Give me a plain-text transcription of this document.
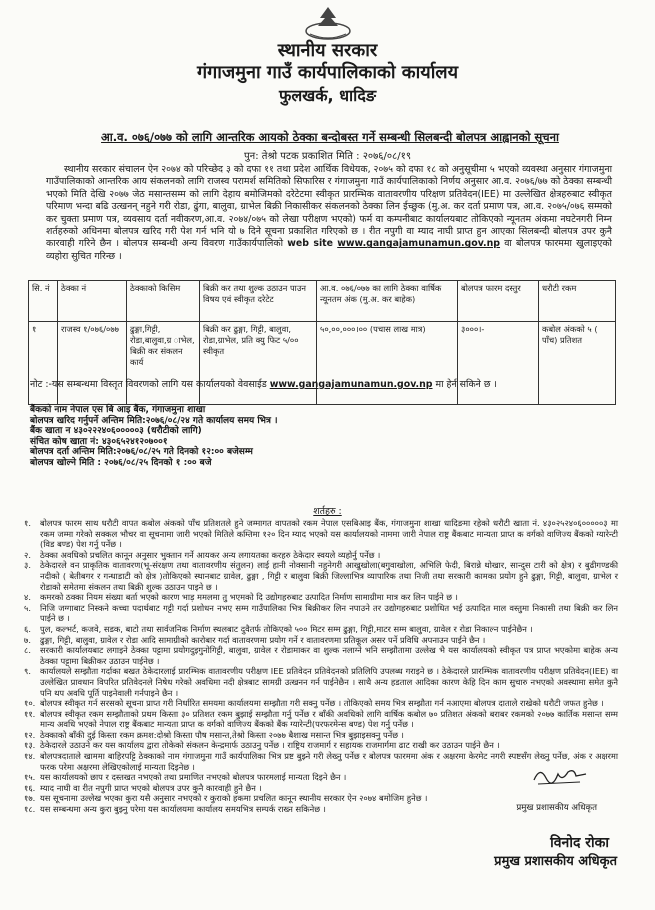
स्थानीय सरकार
गंगाजमुना गाउँ कार्यपालिकाको कार्यालय
फुलखर्क, धादिङ
आ.व. ०७६/०७७ को लागि आन्तरिक आयको ठेक्का बन्दोबस्त गर्ने सम्बन्धी सिलबन्दी बोलपत्र आह्वानको सूचना
पुन: तेश्रो पटक प्रकाशित मिति : २०७६/०८/१९
स्थानीय सरकार संचालन ऐन २०७४ को परिच्छेद ३ को दफा ११ तथा प्रदेश आर्थिक विधेयक, २०७५ को दफा १८ को अनुसूचीमा ५ भएको व्यवस्था अनुसार गंगाजमुना गाउँपालिकाको आन्तरिक आय संकलनको लागि राजस्व परामर्श समितिको सिफारिस र गंगाजमुना गाउँ कार्यपालिकाको निर्णय अनुसार आ.व. २०७६/७७ को ठेक्का सम्बन्धी भएको मिति देखि २०७७ जेठ मसान्तसम्म को लागि देहाय बमोजिमको दरेटेटमा स्वीकृत प्रारम्भिक वातावरणीय परिक्षण प्रतिवेदन(IEE) मा उल्लेखित क्षेत्रहरुबाट स्वीकृत परिमाण भन्दा बढि उत्खनन् नहुने गरी रोडा, ढुंगा, बालुवा, ग्राभेल बिक्री निकासीकर संकलनको ठेक्का लिन ईच्छुक (मु.अ. कर दर्ता प्रमाण पत्र, आ.व. २०७५/०७६ सम्मको कर चुक्ता प्रमाण पत्र, व्यवसाय दर्ता नवीकरण,आ.व. २०७४/०७५ को लेखा परीक्षण भएको) फर्म वा कम्पनीबाट कार्यालयबाट तोकिएको न्यूनतम अंकमा नघटेनगरी निम्न शर्तहरुको अधिनमा बोलपत्र खरिद गरी पेश गर्न भनि यो ७ दिने सूचना प्रकाशित गरिएको छ । रीत नपुगी वा म्याद नाघी प्राप्त हुन आएका सिलबन्दी बोलपत्र उपर कुनै कारवाही गरिने छैन । बोलपत्र सम्बन्धी अन्य विवरण गाउँकार्यपालिको web site www.gangajamunamun.gov.np वा बोलपत्र फारममा खुलाइएको व्यहोरा सुचित गरिन्छ ।
सि. नं	ठेक्का नं	ठेक्काको किसिम	बिक्री कर तथा शुल्क उठाउन पाउन विषय एवं स्वीकृत दरेटेट	आ.व. ०७६/०७७ का लागि ठेक्का वार्षिक न्यूनतम अंक (मु.अ. कर बाहेक)	बोलपत्र फारम दस्तुर	धरौटी रकम
१	राजस्व १/०७६/०७७	ढुङ्गा,गिट्टी, रोडा,बालुवा,ग्र ाभेल, बिक्री कर संकलन कार्य	बिक्री कर ढुङ्गा, गिट्टी, बालुवा, रोडा,ग्राभेल, प्रति क्यु फिट ५/०० स्वीकृत	५०,००,०००।०० (पचास लाख मात्र)	३०००।-	कबोल अंकको ५ ( पाँच) प्रतिशत
नोट :-यस सम्बन्धमा विस्तृत विवरणको लागि यस कार्यालयको वेवसाईड www.gangajamunamun.gov.np मा हेर्न सकिने छ ।
बैंकको नाम नेपाल एस बि आइ बैंक, गंगाजमुना शाखा
बोलपत्र खरिद गर्नुपर्ने अन्तिम मिति:२०७६/०८/२४ गते कार्यालय समय भित्र ।
बैंक खाता न ४३०२२२४०६०००००३ (धरौटीको लागि)
संचित कोष खाता नं: ४३०६५२४१२०७००१
बोलपत्र दर्ता अन्तिम मिति:२०७६/०८/२५ गते दिनको १२:०० बजेसम्म
बोलपत्र खोल्ने मिति : २०७६/०८/२५ दिनको १ :०० बजे
शर्तहरु :
१.	बोलपत्र फारम साथ धरौटी वापत कबोल अंकको पाँच प्रतिशतले हुने जम्मागत वापतको रकम नेपाल एसबिआइ बैंक, गंगाजमुना शाखा धादिङमा रहेको धरौटी खाता नं. ४३०२५२४०६०००००३ मा रकम जम्मा गरेको सक्कल भौचर वा सूचनामा जारी भएको मितिले कम्तिमा १२० दिन म्याद भएको यस कार्यालयको नाममा जारी नेपाल राष्ट्र बैंकबाट मान्यता प्राप्त क वर्गको वाणिज्य बैंकको ग्यारेन्टी (विड बण्ड) पेश गर्नु पर्नेछ ।
२.	ठेक्का अवधिको प्रचलित कानून अनुसार भुक्तान गर्ने आयकर अन्य लगायतका करहरु ठेकेदार स्वयले व्यहोर्नु पर्नेछ ।
३.	ठेकेदारले वन प्राकृतिक वातावरण(भू-संरक्षण तथा वातावरणीय संतुलन) लाई हानी नोक्सानी नहुनेगरी आखुखोला(बगुवाखोला, अभिलि फेदी, बिरान्ने थोखार, सान्दुस टारी को क्षेत्र) र बुढीगण्डकी नदीको ( बेतीबगर र गन्धाडाटी को क्षेत्र )तोकिएको स्थानबाट ग्रावेल, ढुङ्गा , गिट्टी र बालुवा बिक्री जिल्लाभित्र व्यापारिक तथा निजी तथा सरकारी कामका प्रयोग हुने ढुङ्गा, गिट्टी, बालुवा, ग्राभेल र रोडाको समेतमा संकलन तथा बिक्री शुल्क उठाउन पाइने छ ।
४.	कमरको ठक्का नियम संख्या बर्ता भएको कारण भाड़ ममलमा तु भएमको दि उद्योगहरुबाट उत्पादित निर्माण सामाग्रीमा मात्र कर लिन पाईने छ ।
५.	निजि जग्गाबाट निस्कने कच्चा पदार्थबाट गट्टी गर्दा प्रशोधन नभए सम्म गाउँपालिका भित्र बिक्रीकर लिन नपाउने तर उद्योगहरुबाट प्रशोधित भई उत्पादित माल वस्तुमा निकासी तथा बिक्री कर लिन पाईने छ ।
६.	पुल, कल्भर्ट, कजवे, सडक, बाटो तथा सार्वजनिक निर्माण स्थलबाट दुवैतर्फ तोकिएको ५०० मिटर सम्म ढुङ्गा, गिट्टी,माटर सम्म बालुवा, ग्रावेल र रोडा निकाल्न पाईनेछैन ।
७.	ढुङ्गा, गिट्टी, बालुवा, ग्रावेल र रोडा आदि सामाग्रीको कारोबार गर्दा वातावरणमा प्रयोग गर्ने र वातावरणमा प्रतिकूल असर पर्ने प्रविधि अपनाउन पाईने छैन ।
८.	सरकारी कार्यालयबाट लगाइने ठेक्का पट्टामा प्रयोगदुइगुनोगिट्टी, बालुवा, ग्रावेल र रोडामाकर वा शुल्क नलाग्ने भनि सम्झौतामा उल्लेख भै यस कार्यालयको स्वीकृत पत्र प्राप्त भएकोमा बाहेक अन्य ठेक्का पट्टामा बिक्रीकर उठाउन पाईनेछ ।
९.	कार्यालयले सम्झौता गर्दाका बखत ठेकेदारलाई प्रारम्भिक वातावरणीय परीक्षण IEE प्रतिवेदन प्रतिवेदनको प्रतिलिपि उपलब्ध गराइने छ । ठेकेदारले प्रारम्भिक वातावरणीय परीक्षण प्रतिवेदन(IEE) वा उल्लेखित प्रावधान विपरित प्रतिवेदनले निषेध गरेको अवधिमा नदी क्षेत्रबाट सामग्री उत्खनन गर्न पाईनेछैन । साथै अन्य हडताल आदिका कारण केहि दिन काम सुचारु नभएको अवस्थामा समेत कुनै पनि थप अवधि पूर्ति पाइनेवाली गर्नपाइने छैन ।
१०. बोलपत्र स्वीकृत गर्न सरसको सूचना प्राप्त गरी निर्धारित समयमा कार्यालयमा सम्झौता गरी सक्नु पर्नेछ । तोकिएको समय भित्र सम्झौता गर्न नआएमा बोलपत्र दाताले राखेको धरौटी जफत हुनेछ ।
११. बोलपत्र स्वीकृत रकम सम्झौताको प्रथम किस्ता ३० प्रतिशत रकम बुझाई सम्झौता गर्नु पर्नेछ र बाँकी अवधिको लागि वार्षिक कबोल ७० प्रतिशत अंकको बराबर रकमको २०७७ कार्तिक मसान्त सम्म मान्य अवधि भएको नेपाल राष्ट्र बैंकबाट मान्यता प्राप्त क वर्गको वाणिज्य बैंकको बैंक ग्यारेन्टी(परफरमेन्स बण्ड) पेश गर्नु पर्नेछ ।
१२. ठेक्काको बाँकी दुई किस्ता रकम क्रमश:दोश्रो किस्ता पौष मसान्त,तेश्रो किस्ता २०७७ बैशाख मसान्त भित्र बुझाइसक्नु पर्नेछ ।
१३. ठेकेदारले उठाउने कर यस कार्यालय द्वारा तोकेको संकलन केन्द्रमार्फ उठाउनु पर्नेछ । राष्ट्रिय राजमार्ग र सहायक राजमार्गमा ढाट राखी कर उठाउन पाईने छैन ।
१४. बोलपत्रदाताले खाममा बाहिरपट्टि ठेक्काको नाम गंगाजमुना गाउँ कार्यपालिका भित्र प्रष्ट बुझ्ने गरी लेख्नु पर्नेछ र बोलपत्र फारममा अंक र अक्षरमा केरमेट नगरी स्पष्टसँग लेख्नु पर्नेछ, अंक र अक्षरमा फरक परेमा अक्षरमा लेखिएकोलाई मान्यता दिइनेछ ।
१५. यस कार्यालयको छाप र दस्तखत नभएको तथा प्रमाणित नभएको बोलपत्र फारमलाई मान्यता दिइने छैन ।
१६. म्याद नाघी वा रीत नपुगी प्राप्त भएको बोलपत्र उपर कुनै कारवाही हुने छैन ।
१७. यस सूचनामा उल्लेख भएका कुरा यसै अनुसार नभएको र कुराको हकमा प्रचलित कानून स्थानीय सरकार ऐन २०७४ बमोजिम हुनेछ ।
१८. यस सम्बन्धमा अन्य कुरा बुझ्नु परेमा यस कार्यालयमा कार्यालय समयभित्र सम्पर्क राख्न सकिनेछ ।	प्रमुख प्रशासकीय अधिकृत
विनोद रोका
प्रमुख प्रशासकीय अधिकृत
